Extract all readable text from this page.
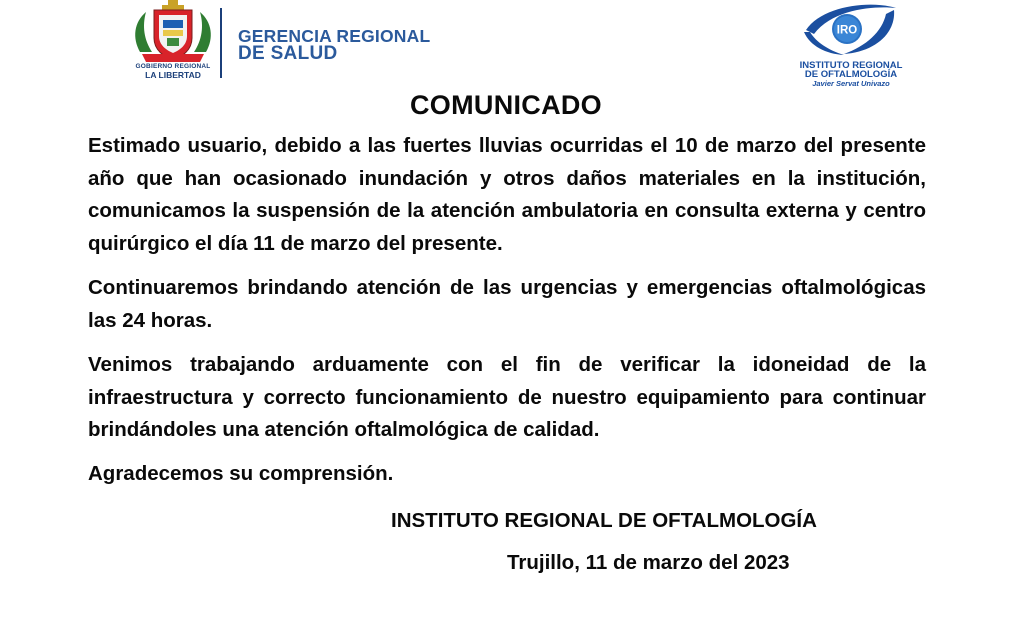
GOBIERNO REGIONAL
LA LIBERTAD
GERENCIA REGIONAL
DE SALUD
IRO
INSTITUTO REGIONAL
DE OFTALMOLOGÍA
Javier Servat Univazo
COMUNICADO

Estimado usuario, debido a las fuertes lluvias ocurridas el 10 de marzo del presente año que han ocasionado inundación y otros daños materiales en la institución, comunicamos la suspensión de la atención ambulatoria en consulta externa y centro quirúrgico el día 11 de marzo del presente.

Continuaremos brindando atención de las urgencias y emergencias oftalmológicas las 24 horas.

Venimos trabajando arduamente con el fin de verificar la idoneidad de la infraestructura y correcto funcionamiento de nuestro equipamiento para continuar brindándoles una atención oftalmológica de calidad.

Agradecemos su comprensión.

INSTITUTO REGIONAL DE OFTALMOLOGÍA
Trujillo, 11 de marzo del 2023
